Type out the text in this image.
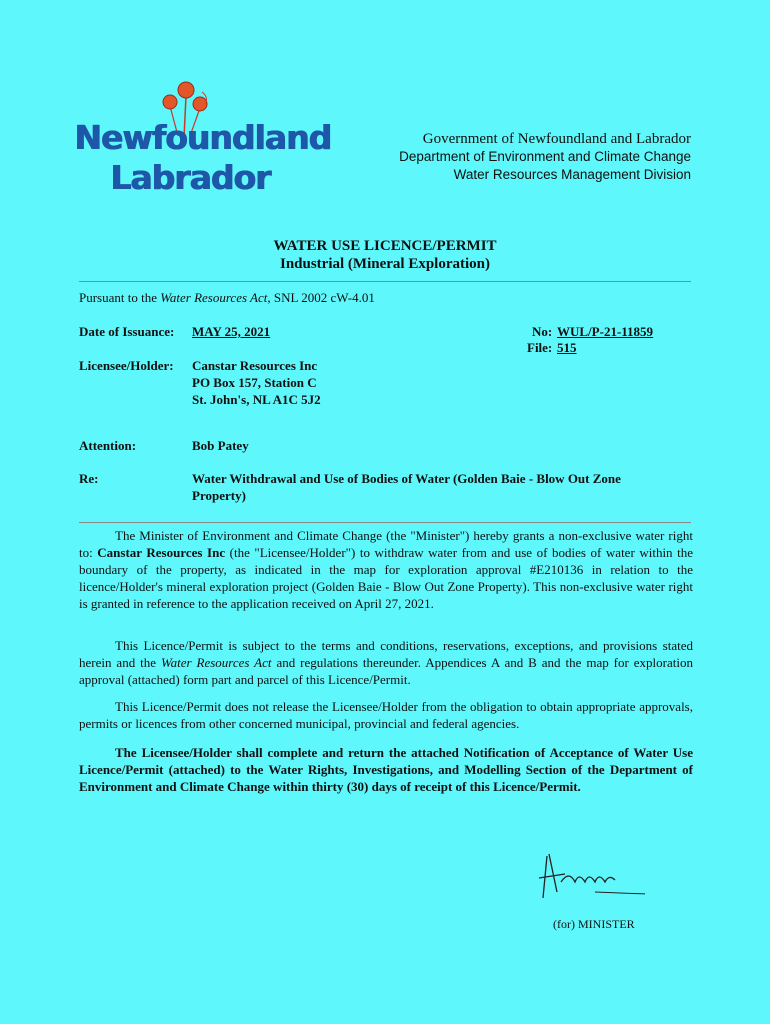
Newfoundland
Labrador
Government of Newfoundland and Labrador
Department of Environment and Climate Change
Water Resources Management Division
WATER USE LICENCE/PERMIT
Industrial (Mineral Exploration)
Pursuant to the Water Resources Act, SNL 2002 cW-4.01
Date of Issuance: MAY 25, 2021	No: WUL/P-21-11859
File: 515
Licensee/Holder: Canstar Resources Inc
PO Box 157, Station C
St. John's, NL A1C 5J2
Attention:	Bob Patey
Re:	Water Withdrawal and Use of Bodies of Water (Golden Baie - Blow Out Zone
Property)
The Minister of Environment and Climate Change (the "Minister") hereby grants a non-exclusive water right to: Canstar Resources Inc (the "Licensee/Holder") to withdraw water from and use of bodies of water within the boundary of the property, as indicated in the map for exploration approval #E210136 in relation to the licence/Holder's mineral exploration project (Golden Baie - Blow Out Zone Property). This non-exclusive water right is granted in reference to the application received on April 27, 2021.
This Licence/Permit is subject to the terms and conditions, reservations, exceptions, and provisions stated herein and the Water Resources Act and regulations thereunder. Appendices A and B and the map for exploration approval (attached) form part and parcel of this Licence/Permit.
This Licence/Permit does not release the Licensee/Holder from the obligation to obtain appropriate approvals, permits or licences from other concerned municipal, provincial and federal agencies.
The Licensee/Holder shall complete and return the attached Notification of Acceptance of Water Use Licence/Permit (attached) to the Water Rights, Investigations, and Modelling Section of the Department of Environment and Climate Change within thirty (30) days of receipt of this Licence/Permit.
(for) MINISTER
